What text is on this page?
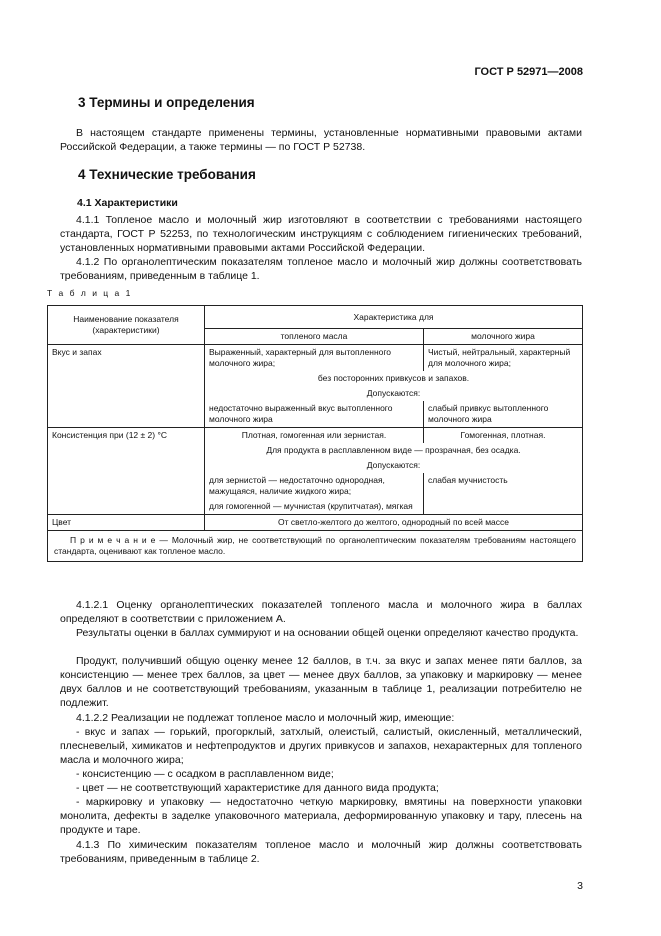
ГОСТ Р 52971—2008
3 Термины и определения

В настоящем стандарте применены термины, установленные нормативными правовыми актами Российской Федерации, а также термины — по ГОСТ Р 52738.

4 Технические требования

4.1 Характеристики

4.1.1 Топленое масло и молочный жир изготовляют в соответствии с требованиями настоящего стандарта, ГОСТ Р 52253, по технологическим инструкциям с соблюдением гигиенических требований, установленных нормативными правовыми актами Российской Федерации.

4.1.2 По органолептическим показателям топленое масло и молочный жир должны соответствовать требованиям, приведенным в таблице 1.

Т а б л и ц а 1
Наименование показателя (характеристики)	Характеристика для	
	топленого масла	молочного жира
Вкус и запах	Выраженный, характерный для вытопленного молочного жира;	Чистый, нейтральный, характерный для молочного жира;
	без посторонних привкусов и запахов.	
	Допускаются:	
	недостаточно выраженный вкус вытопленного молочного жира	слабый привкус вытопленного молочного жира
Консистенция при (12 ± 2) °С	Плотная, гомогенная или зернистая.	Гомогенная, плотная.
	Для продукта в расплавленном виде — прозрачная, без осадка.	
	Допускаются:	
	для зернистой — недостаточно однородная, мажущаяся, наличие жидкого жира;	слабая мучнистость
	для гомогенной — мучнистая (крупитчатая), мягкая	
Цвет	От светло-желтого до желтого, однородный по всей массе	
П р и м е ч а н и е — Молочный жир, не соответствующий по органолептическим показателям требованиям настоящего стандарта, оценивают как топленое масло.		

4.1.2.1 Оценку органолептических показателей топленого масла и молочного жира в баллах определяют в соответствии с приложением А.

Результаты оценки в баллах суммируют и на основании общей оценки определяют качество продукта.

Продукт, получивший общую оценку менее 12 баллов, в т.ч. за вкус и запах менее пяти баллов, за консистенцию — менее трех баллов, за цвет — менее двух баллов, за упаковку и маркировку — менее двух баллов и не соответствующий требованиям, указанным в таблице 1, реализации потребителю не подлежит.

4.1.2.2 Реализации не подлежат топленое масло и молочный жир, имеющие:

- вкус и запах — горький, прогорклый, затхлый, олеистый, салистый, окисленный, металлический, плесневелый, химикатов и нефтепродуктов и других привкусов и запахов, нехарактерных для топленого масла и молочного жира;

- консистенцию — с осадком в расплавленном виде;

- цвет — не соответствующий характеристике для данного вида продукта;

- маркировку и упаковку — недостаточно четкую маркировку, вмятины на поверхности упаковки монолита, дефекты в заделке упаковочного материала, деформированную упаковку и тару, плесень на продукте и таре.

4.1.3 По химическим показателям топленое масло и молочный жир должны соответствовать требованиям, приведенным в таблице 2.

3
